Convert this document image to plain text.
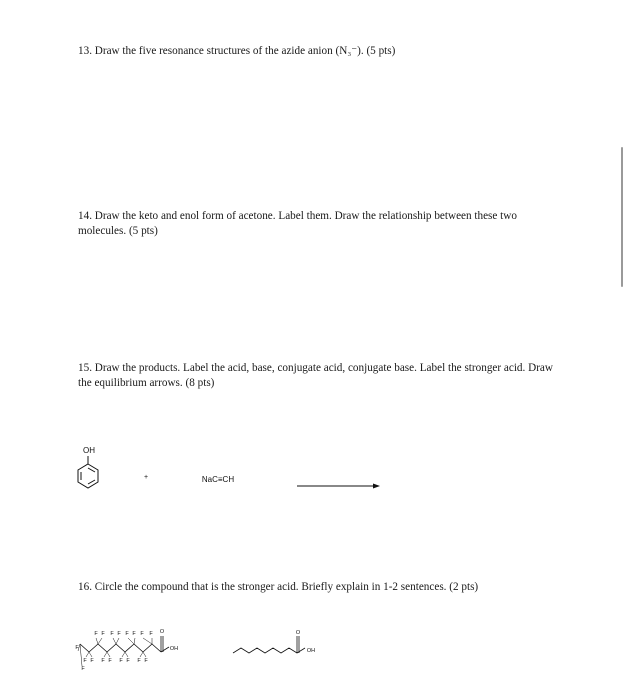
13. Draw the five resonance structures of the azide anion (N₃⁻). (5 pts)

14. Draw the keto and enol form of acetone. Label them. Draw the relationship between these two molecules. (5 pts)

15. Draw the products. Label the acid, base, conjugate acid, conjugate base. Label the stronger acid. Draw the equilibrium arrows. (8 pts)

16. Circle the compound that is the stronger acid. Briefly explain in 1-2 sentences. (2 pts)

OH
+	NaC≡CH
O
OH
F F F F F F F F
F
F F F F F F F F
F
O
OH
